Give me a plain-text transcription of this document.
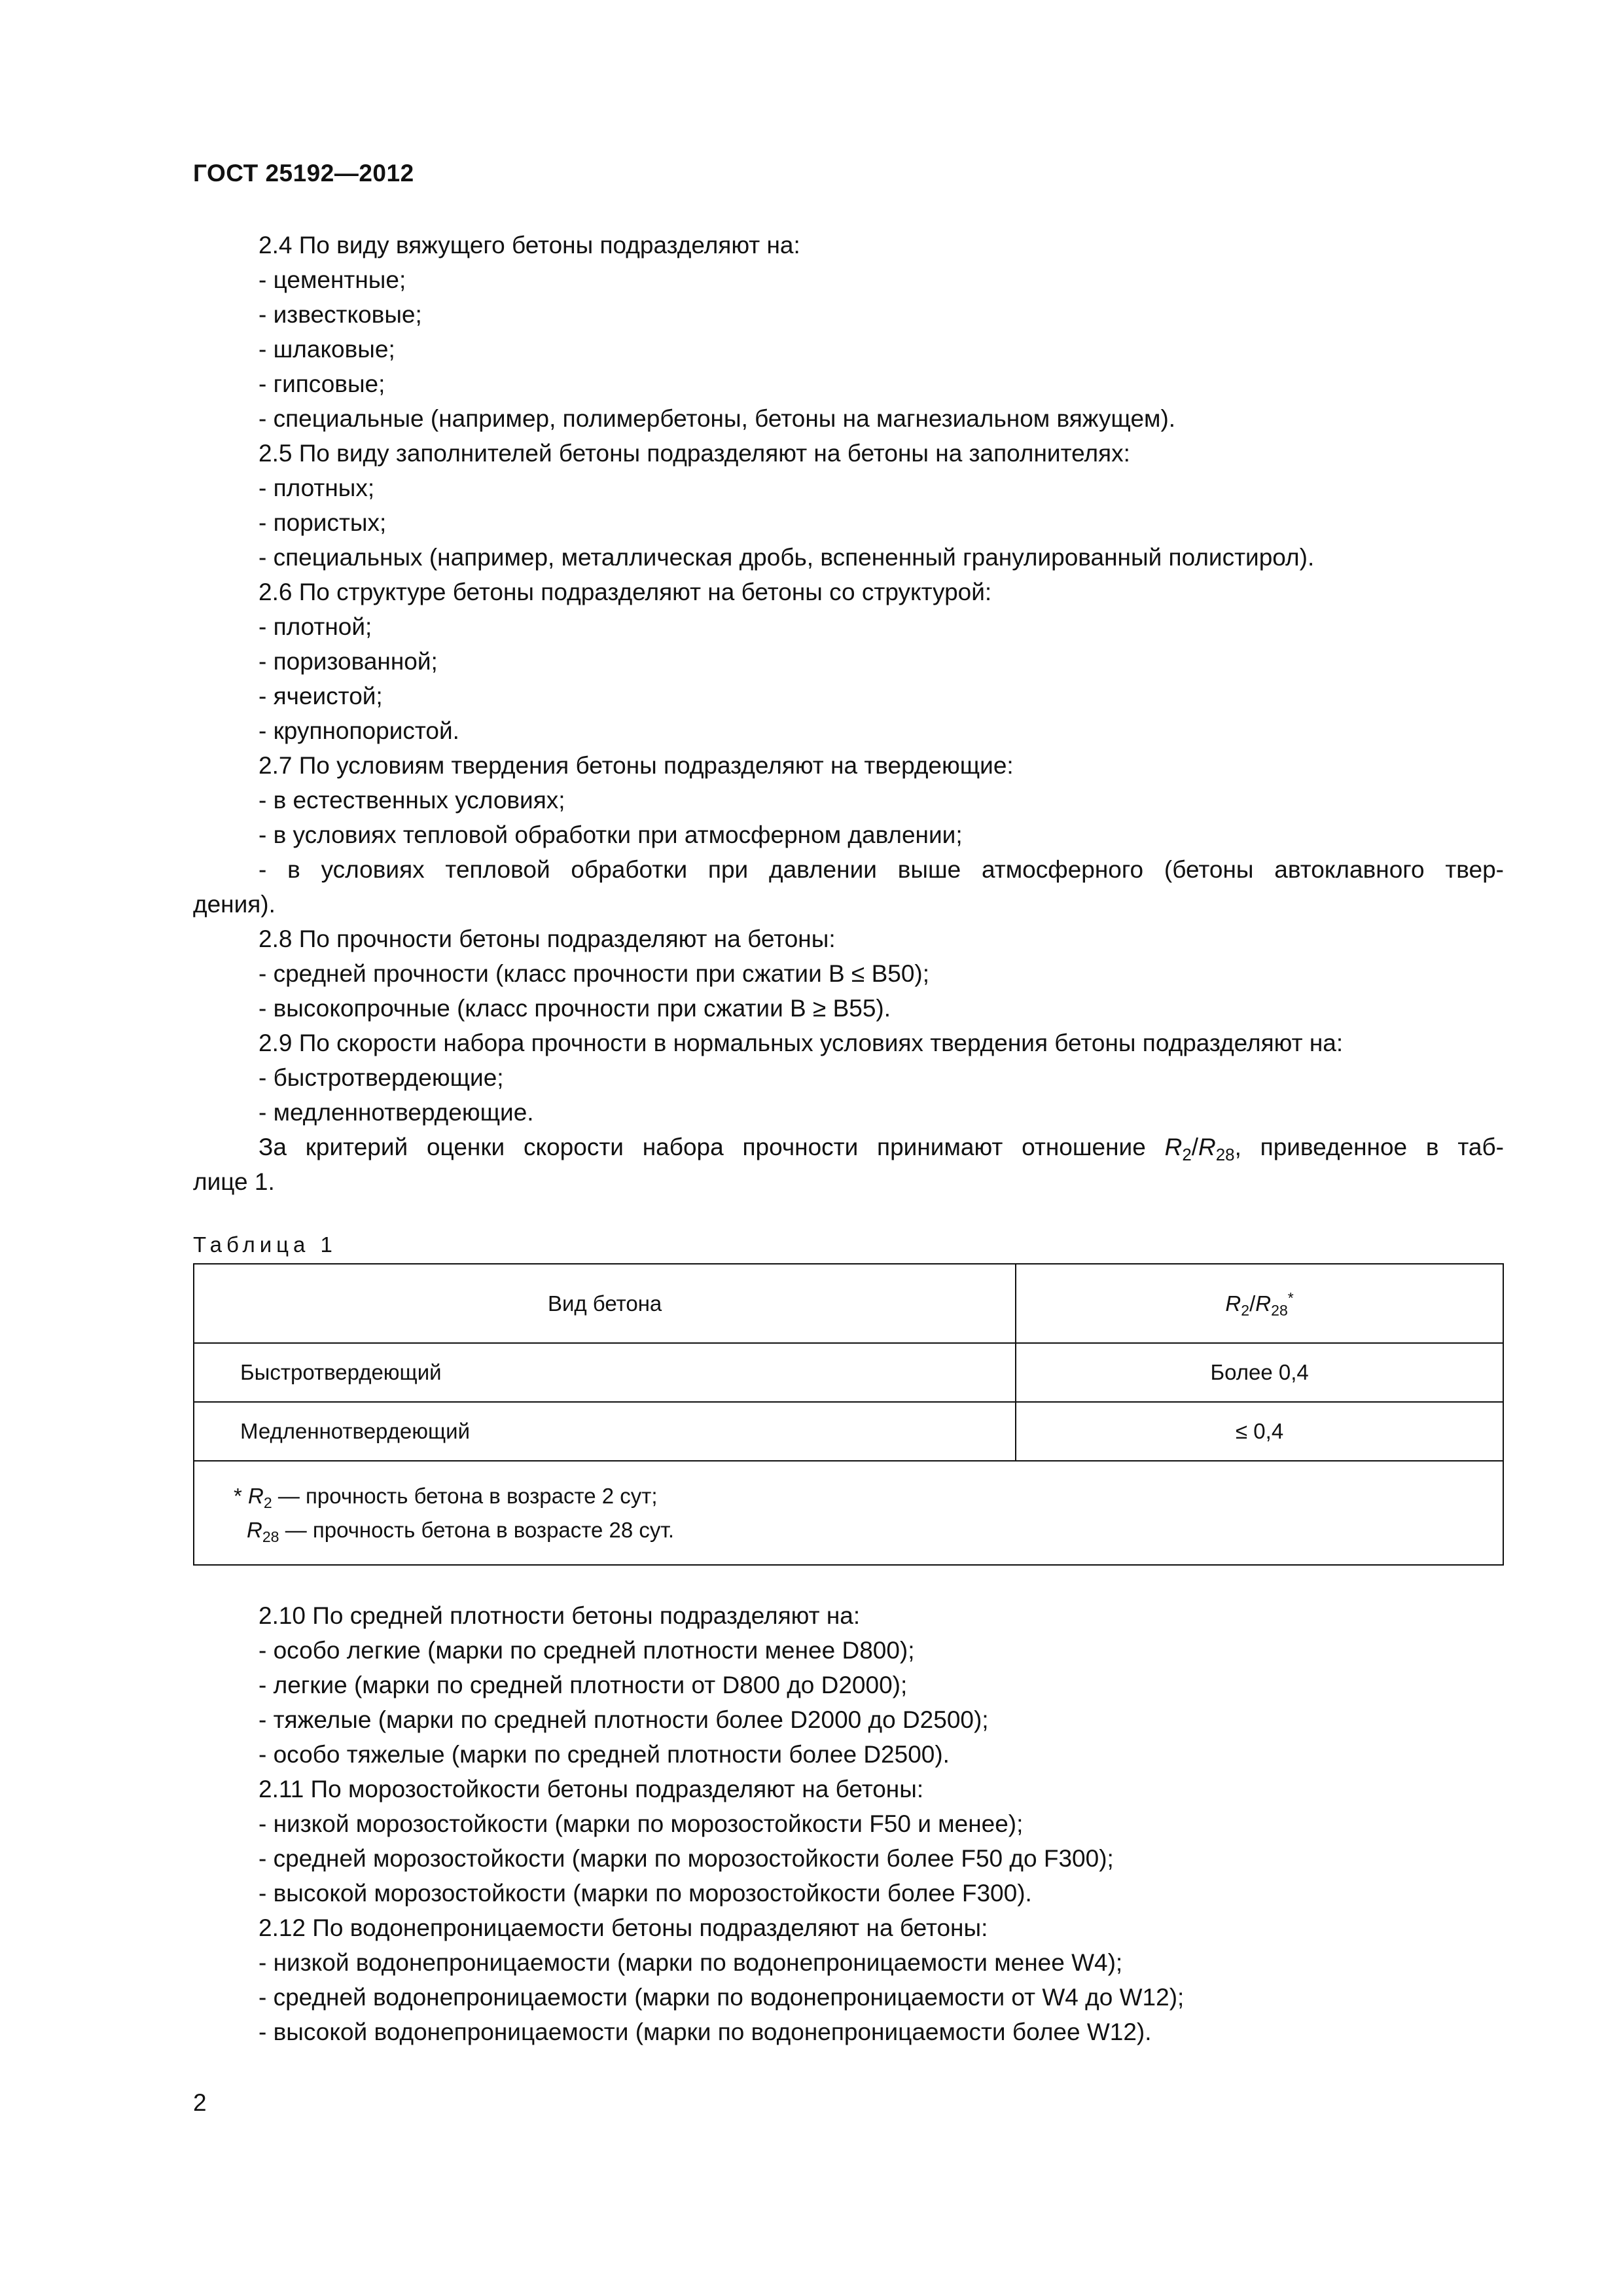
ГОСТ 25192—2012
2.4 По виду вяжущего бетоны подразделяют на:
- цементные;
- известковые;
- шлаковые;
- гипсовые;
- специальные (например, полимербетоны, бетоны на магнезиальном вяжущем).
2.5 По виду заполнителей бетоны подразделяют на бетоны на заполнителях:
- плотных;
- пористых;
- специальных (например, металлическая дробь, вспененный гранулированный полистирол).
2.6 По структуре бетоны подразделяют на бетоны со структурой:
- плотной;
- поризованной;
- ячеистой;
- крупнопористой.
2.7 По условиям твердения бетоны подразделяют на твердеющие:
- в естественных условиях;
- в условиях тепловой обработки при атмосферном давлении;
- в условиях тепловой обработки при давлении выше атмосферного (бетоны автоклавного твер-
дения).
2.8 По прочности бетоны подразделяют на бетоны:
- средней прочности (класс прочности при сжатии В ≤ В50);
- высокопрочные (класс прочности при сжатии В ≥ В55).
2.9 По скорости набора прочности в нормальных условиях твердения бетоны подразделяют на:
- быстротвердеющие;
- медленнотвердеющие.
За критерий оценки скорости набора прочности принимают отношение $R_2/R_{28}$, приведенное в таб-
лице 1.
Таблица 1
Вид бетона	$R_2/R_{28}^*$
Быстротвердеющий	Более 0,4
Медленнотвердеющий	≤ 0,4

* $R_2$ — прочность бетона в возрасте 2 сут;
$R_{28}$ — прочность бетона в возрасте 28 сут.	
2.10 По средней плотности бетоны подразделяют на:
- особо легкие (марки по средней плотности менее D800);
- легкие (марки по средней плотности от D800 до D2000);
- тяжелые (марки по средней плотности более D2000 до D2500);
- особо тяжелые (марки по средней плотности более D2500).
2.11 По морозостойкости бетоны подразделяют на бетоны:
- низкой морозостойкости (марки по морозостойкости F50 и менее);
- средней морозостойкости (марки по морозостойкости более F50 до F300);
- высокой морозостойкости (марки по морозостойкости более F300).
2.12 По водонепроницаемости бетоны подразделяют на бетоны:
- низкой водонепроницаемости (марки по водонепроницаемости менее W4);
- средней водонепроницаемости (марки по водонепроницаемости от W4 до W12);
- высокой водонепроницаемости (марки по водонепроницаемости более W12).
2
